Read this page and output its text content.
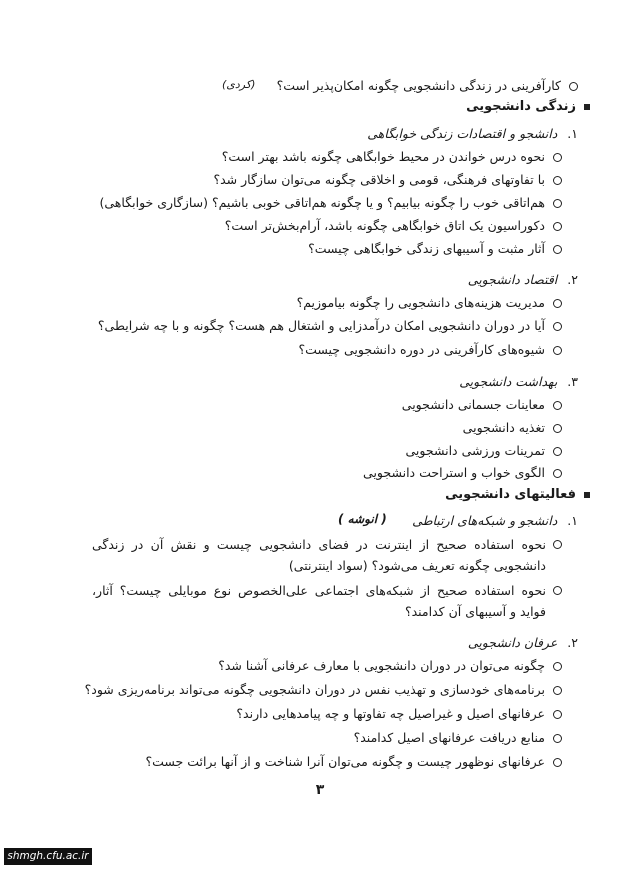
کارآفرینی در زندگی دانشجویی چگونه امکان‌پذیر است؟
(کردی)
زندگی دانشجویی
۱.دانشجو و اقتصادات زندگی خوابگاهی
نحوه درس خواندن در محیط خوابگاهی چگونه باشد بهتر است؟
با تفاوتهای فرهنگی، قومی و اخلاقی چگونه می‌توان سازگار شد؟
هم‌اتاقی خوب را چگونه بیابیم؟ و یا چگونه هم‌اتاقی خوبی باشیم؟ (سازگاری خوابگاهی)
دکوراسیون یک اتاق خوابگاهی چگونه باشد، آرام‌بخش‌تر است؟
آثار مثبت و آسیبهای زندگی خوابگاهی چیست؟
۲.اقتصاد دانشجویی
مدیریت هزینه‌های دانشجویی را چگونه بیاموزیم؟
آیا در دوران دانشجویی امکان درآمدزایی و اشتغال هم هست؟ چگونه و با چه شرایطی؟
شیوه‌های کارآفرینی در دوره دانشجویی چیست؟
۳.بهداشت دانشجویی
معاینات جسمانی دانشجویی
تغذیه دانشجویی
تمرینات ورزشی دانشجویی
الگوی خواب و استراحت دانشجویی
فعالیتهای دانشجویی
۱.دانشجو و شبکه‌های ارتباطی
( انوشه )
نحوه استفاده صحیح از اینترنت در فضای دانشجویی چیست و نقش آن در زندگی دانشجویی چگونه تعریف می‌شود؟ (سواد اینترنتی)
نحوه استفاده صحیح از شبکه‌های اجتماعی علی‌الخصوص نوع موبایلی چیست؟ آثار، فواید و آسیبهای آن کدامند؟
۲.عرفان دانشجویی
چگونه می‌توان در دوران دانشجویی با معارف عرفانی آشنا شد؟
برنامه‌های خودسازی و تهذیب نفس در دوران دانشجویی چگونه می‌تواند برنامه‌ریزی شود؟
عرفانهای اصیل و غیراصیل چه تفاوتها و چه پیامدهایی دارند؟
منابع دریافت عرفانهای اصیل کدامند؟
عرفانهای نوظهور چیست و چگونه می‌توان آنرا شناخت و از آنها برائت جست؟
۳
shmgh.cfu.ac.ir
